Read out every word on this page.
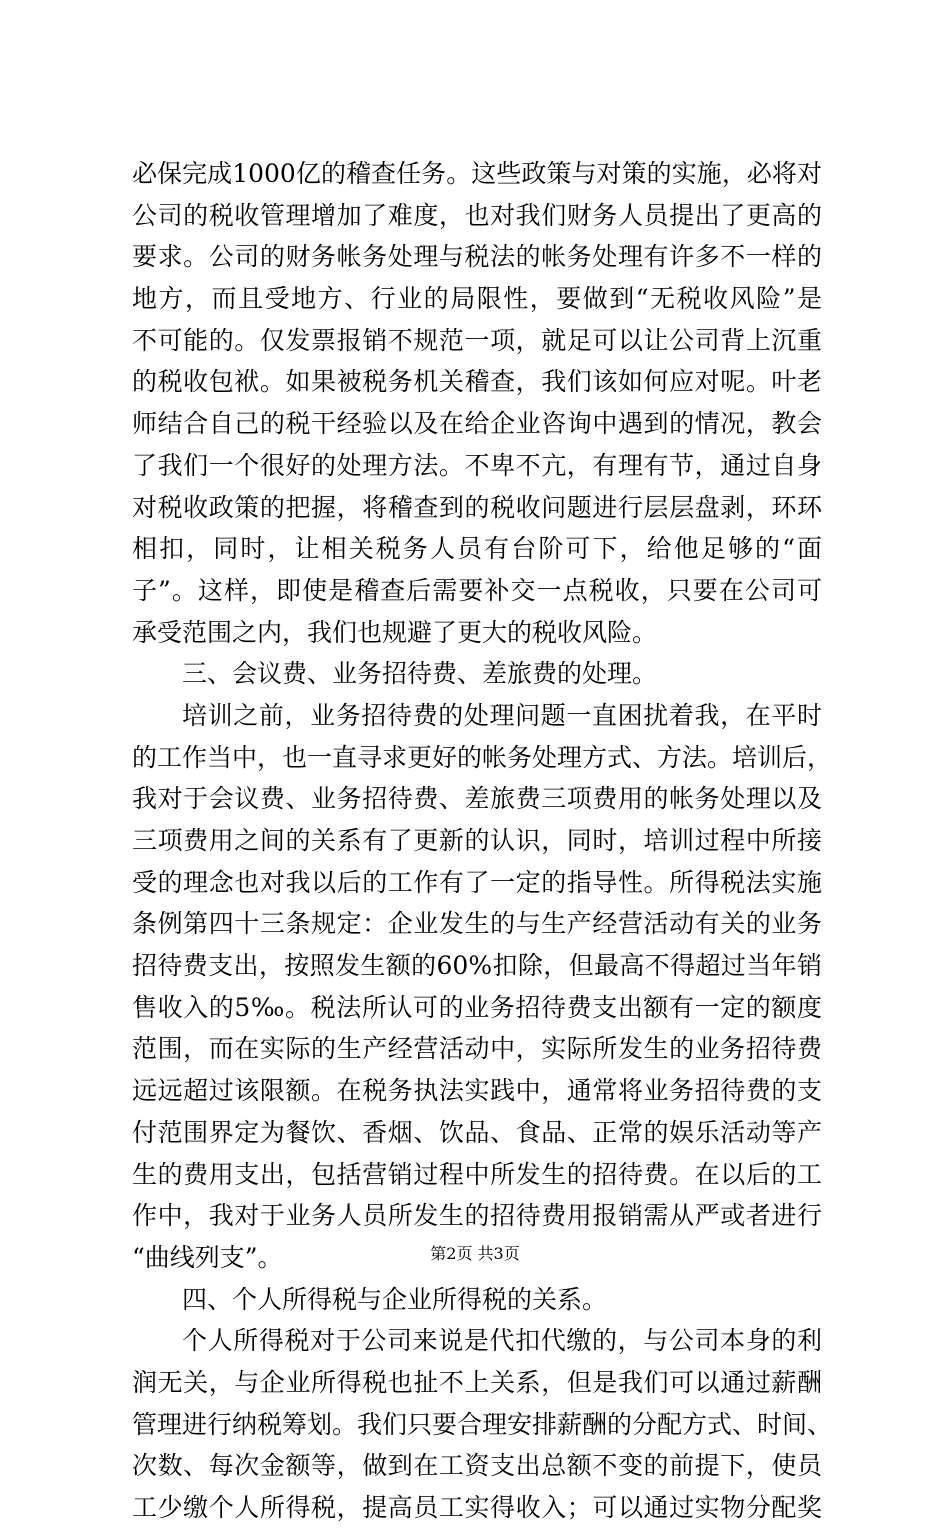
必保完成1000亿的稽查任务。这些政策与对策的实施，必将对
公司的税收管理增加了难度，也对我们财务人员提出了更高的
要求。公司的财务帐务处理与税法的帐务处理有许多不一样的
地方，而且受地方、行业的局限性，要做到“无税收风险”是
不可能的。仅发票报销不规范一项，就足可以让公司背上沉重
的税收包袱。如果被税务机关稽查，我们该如何应对呢。叶老
师结合自己的税干经验以及在给企业咨询中遇到的情况，教会
了我们一个很好的处理方法。不卑不亢，有理有节，通过自身
对税收政策的把握，将稽查到的税收问题进行层层盘剥，环环
相扣，同时，让相关税务人员有台阶可下，给他足够的“面
子”。这样，即使是稽查后需要补交一点税收，只要在公司可
承受范围之内，我们也规避了更大的税收风险。
三、会议费、业务招待费、差旅费的处理。
培训之前，业务招待费的处理问题一直困扰着我，在平时
的工作当中，也一直寻求更好的帐务处理方式、方法。培训后，
我对于会议费、业务招待费、差旅费三项费用的帐务处理以及
三项费用之间的关系有了更新的认识，同时，培训过程中所接
受的理念也对我以后的工作有了一定的指导性。所得税法实施
条例第四十三条规定：企业发生的与生产经营活动有关的业务
招待费支出，按照发生额的60%扣除，但最高不得超过当年销
售收入的5‰。税法所认可的业务招待费支出额有一定的额度
范围，而在实际的生产经营活动中，实际所发生的业务招待费
远远超过该限额。在税务执法实践中，通常将业务招待费的支
付范围界定为餐饮、香烟、饮品、食品、正常的娱乐活动等产
生的费用支出，包括营销过程中所发生的招待费。在以后的工
作中，我对于业务人员所发生的招待费用报销需从严或者进行
“曲线列支”。
四、个人所得税与企业所得税的关系。
个人所得税对于公司来说是代扣代缴的，与公司本身的利
润无关，与企业所得税也扯不上关系，但是我们可以通过薪酬
管理进行纳税筹划。我们只要合理安排薪酬的分配方式、时间、
次数、每次金额等，做到在工资支出总额不变的前提下，使员
工少缴个人所得税，提高员工实得收入；可以通过实物分配奖
第2页 共3页
